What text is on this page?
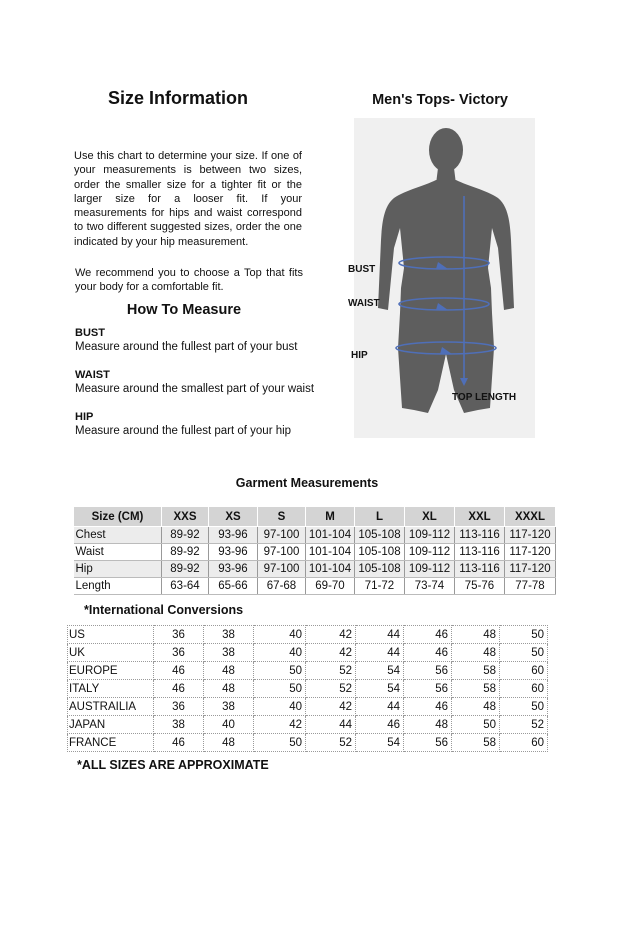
Size Information	Men's Tops- Victory
Use this chart to determine your size. If one of your measurements is between two sizes, order the smaller size for a tighter fit or the larger size for a looser fit. If your measurements for hips and waist correspond to two different suggested sizes, order the one indicated by your hip measurement.
We recommend you to choose a Top that fits your body for a comfortable fit.
How To Measure
BUST
Measure around the fullest part of your bust
WAIST
Measure around the smallest part of your waist
HIP
Measure around the fullest part of your hip
BUST
WAIST
HIP
TOP LENGTH
Garment Measurements
Size (CM)	XXS	XS	S	M	L	XL	XXL	XXXL
Chest	89-92	93-96	97-100	101-104	105-108	109-112	113-116	117-120
Waist	89-92	93-96	97-100	101-104	105-108	109-112	113-116	117-120
Hip	89-92	93-96	97-100	101-104	105-108	109-112	113-116	117-120
Length	63-64	65-66	67-68	69-70	71-72	73-74	75-76	77-78
*International Conversions
US	36	38	40	42	44	46	48	50
UK	36	38	40	42	44	46	48	50
EUROPE	46	48	50	52	54	56	58	60
ITALY	46	48	50	52	54	56	58	60
AUSTRAILIA	36	38	40	42	44	46	48	50
JAPAN	38	40	42	44	46	48	50	52
FRANCE	46	48	50	52	54	56	58	60
*ALL SIZES ARE APPROXIMATE
